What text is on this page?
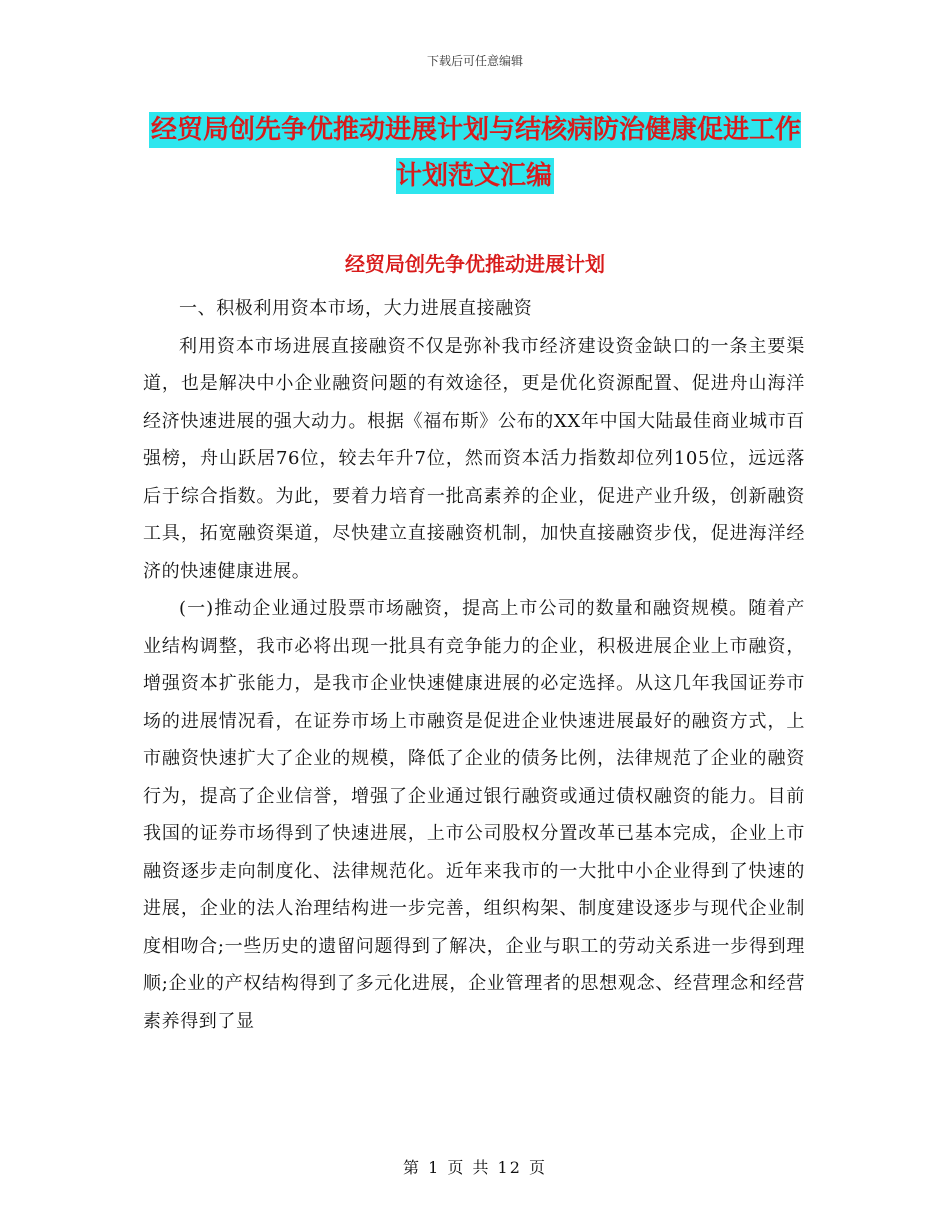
下载后可任意编辑
经贸局创先争优推动进展计划与结核病防治健康促进工作计划范文汇编
经贸局创先争优推动进展计划

一、积极利用资本市场，大力进展直接融资

利用资本市场进展直接融资不仅是弥补我市经济建设资金缺口的一条主要渠道，也是解决中小企业融资问题的有效途径，更是优化资源配置、促进舟山海洋经济快速进展的强大动力。根据《福布斯》公布的XX年中国大陆最佳商业城市百强榜，舟山跃居76位，较去年升7位，然而资本活力指数却位列105位，远远落后于综合指数。为此，要着力培育一批高素养的企业，促进产业升级，创新融资工具，拓宽融资渠道，尽快建立直接融资机制，加快直接融资步伐，促进海洋经济的快速健康进展。

(一)推动企业通过股票市场融资，提高上市公司的数量和融资规模。随着产业结构调整，我市必将出现一批具有竞争能力的企业，积极进展企业上市融资，增强资本扩张能力，是我市企业快速健康进展的必定选择。从这几年我国证券市场的进展情况看，在证券市场上市融资是促进企业快速进展最好的融资方式，上市融资快速扩大了企业的规模，降低了企业的债务比例，法律规范了企业的融资行为，提高了企业信誉，增强了企业通过银行融资或通过债权融资的能力。目前我国的证券市场得到了快速进展，上市公司股权分置改革已基本完成，企业上市融资逐步走向制度化、法律规范化。近年来我市的一大批中小企业得到了快速的进展，企业的法人治理结构进一步完善，组织构架、制度建设逐步与现代企业制度相吻合;一些历史的遗留问题得到了解决，企业与职工的劳动关系进一步得到理顺;企业的产权结构得到了多元化进展，企业管理者的思想观念、经营理念和经营素养得到了显

第 1 页 共 12 页
